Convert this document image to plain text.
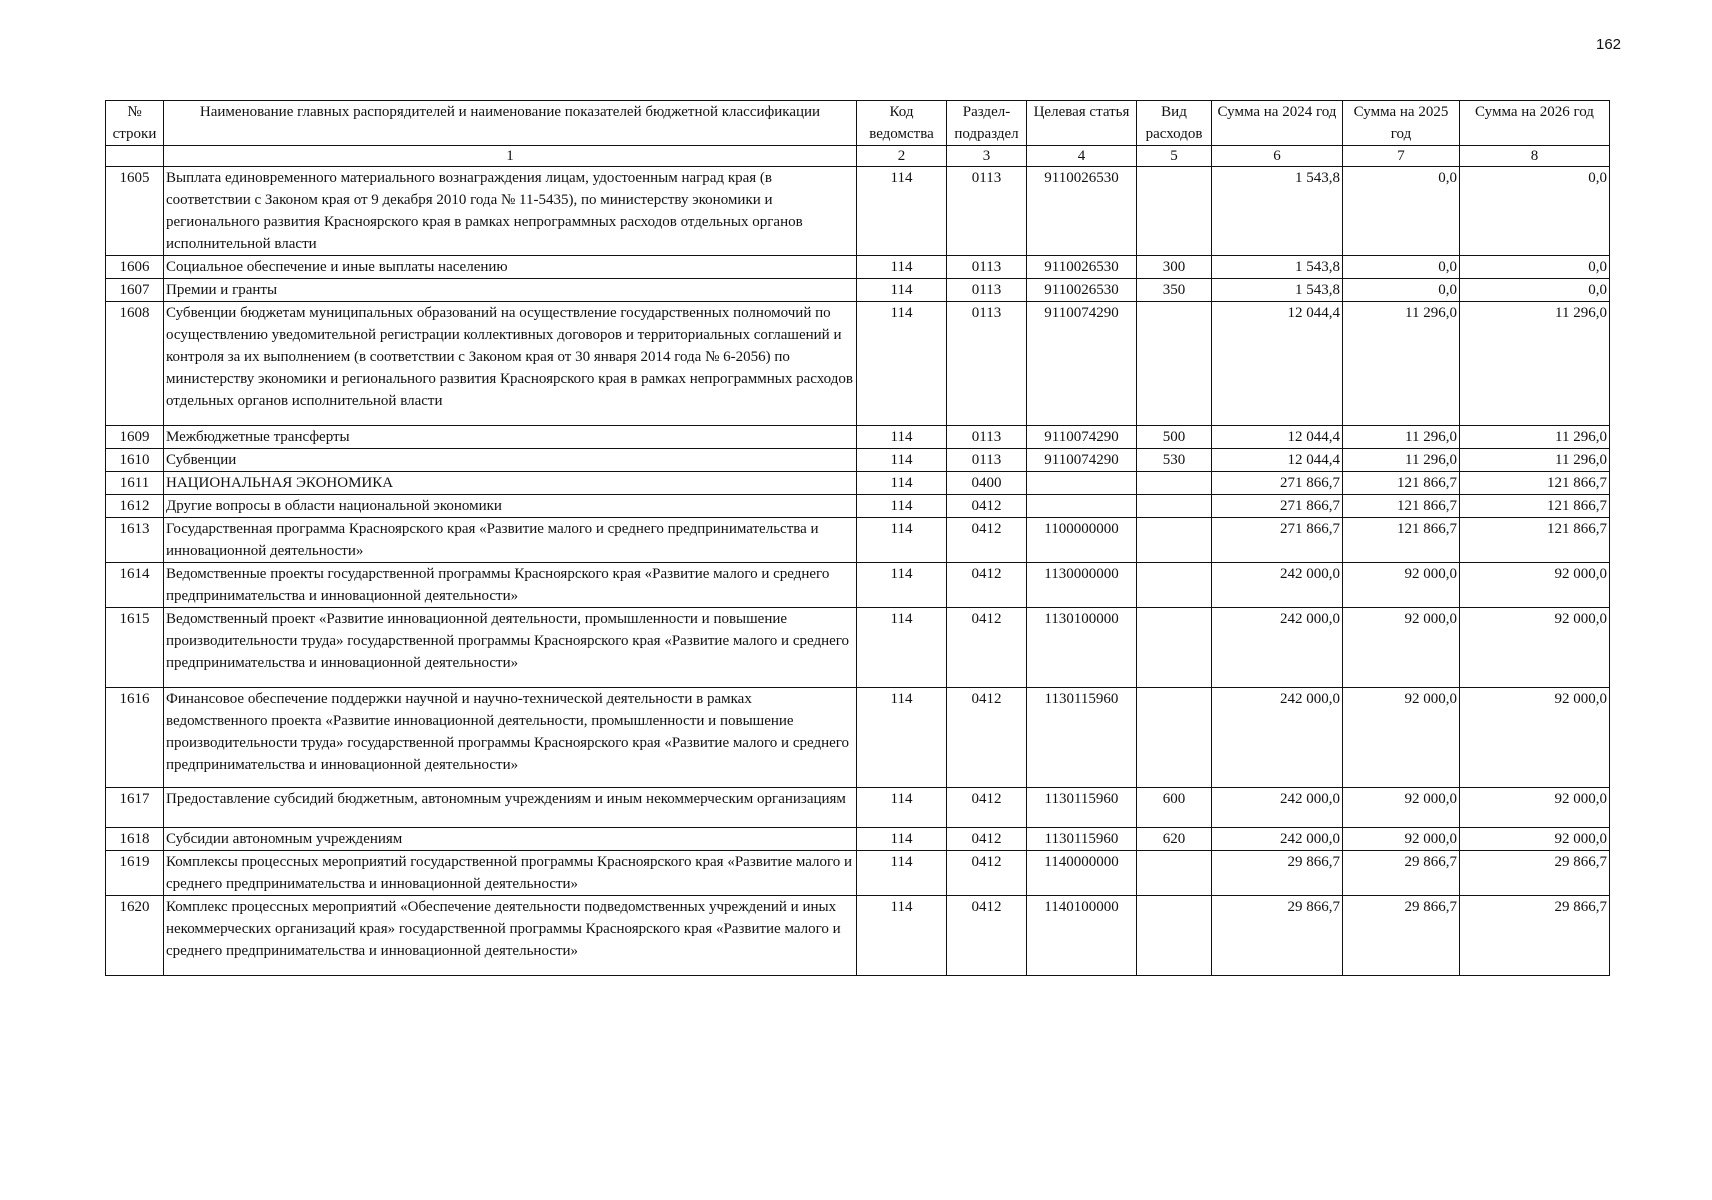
162
№ строки	Наименование главных распорядителей и наименование показателей бюджетной классификации	Код ведомства	Раздел-подраздел	Целевая статья	Вид расходов	Сумма на 2024 год	Сумма на 2025 год	Сумма на 2026 год
	1	2	3	4	5	6	7	8
1605	Выплата единовременного материального вознаграждения лицам, удостоенным наград края (в соответствии с Законом края от 9 декабря 2010 года № 11-5435), по министерству экономики и регионального развития Красноярского края в рамках непрограммных расходов отдельных органов исполнительной власти	114	0113	9110026530		1 543,8	0,0	0,0
1606	Социальное обеспечение и иные выплаты населению	114	0113	9110026530	300	1 543,8	0,0	0,0
1607	Премии и гранты	114	0113	9110026530	350	1 543,8	0,0	0,0
1608	Субвенции бюджетам муниципальных образований на осуществление государственных полномочий по осуществлению уведомительной регистрации коллективных договоров и территориальных соглашений и контроля за их выполнением (в соответствии с Законом края от 30 января 2014 года № 6-2056) по министерству экономики и регионального развития Красноярского края в рамках непрограммных расходов отдельных органов исполнительной власти	114	0113	9110074290		12 044,4	11 296,0	11 296,0
1609	Межбюджетные трансферты	114	0113	9110074290	500	12 044,4	11 296,0	11 296,0
1610	Субвенции	114	0113	9110074290	530	12 044,4	11 296,0	11 296,0
1611	НАЦИОНАЛЬНАЯ ЭКОНОМИКА	114	0400			271 866,7	121 866,7	121 866,7
1612	Другие вопросы в области национальной экономики	114	0412			271 866,7	121 866,7	121 866,7
1613	Государственная программа Красноярского края «Развитие малого и среднего предпринимательства и инновационной деятельности»	114	0412	1100000000		271 866,7	121 866,7	121 866,7
1614	Ведомственные проекты государственной программы Красноярского края «Развитие малого и среднего предпринимательства и инновационной деятельности»	114	0412	1130000000		242 000,0	92 000,0	92 000,0
1615	Ведомственный проект «Развитие инновационной деятельности, промышленности и повышение производительности труда» государственной программы Красноярского края «Развитие малого и среднего предпринимательства и инновационной деятельности»	114	0412	1130100000		242 000,0	92 000,0	92 000,0
1616	Финансовое обеспечение поддержки научной и научно-технической деятельности в рамках ведомственного проекта «Развитие инновационной деятельности, промышленности и повышение производительности труда» государственной программы Красноярского края «Развитие малого и среднего предпринимательства и инновационной деятельности»	114	0412	1130115960		242 000,0	92 000,0	92 000,0
1617	Предоставление субсидий бюджетным, автономным учреждениям и иным некоммерческим организациям	114	0412	1130115960	600	242 000,0	92 000,0	92 000,0
1618	Субсидии автономным учреждениям	114	0412	1130115960	620	242 000,0	92 000,0	92 000,0
1619	Комплексы процессных мероприятий государственной программы Красноярского края «Развитие малого и среднего предпринимательства и инновационной деятельности»	114	0412	1140000000		29 866,7	29 866,7	29 866,7
1620	Комплекс процессных мероприятий «Обеспечение деятельности подведомственных учреждений и иных некоммерческих организаций края» государственной программы Красноярского края «Развитие малого и среднего предпринимательства и инновационной деятельности»	114	0412	1140100000		29 866,7	29 866,7	29 866,7
